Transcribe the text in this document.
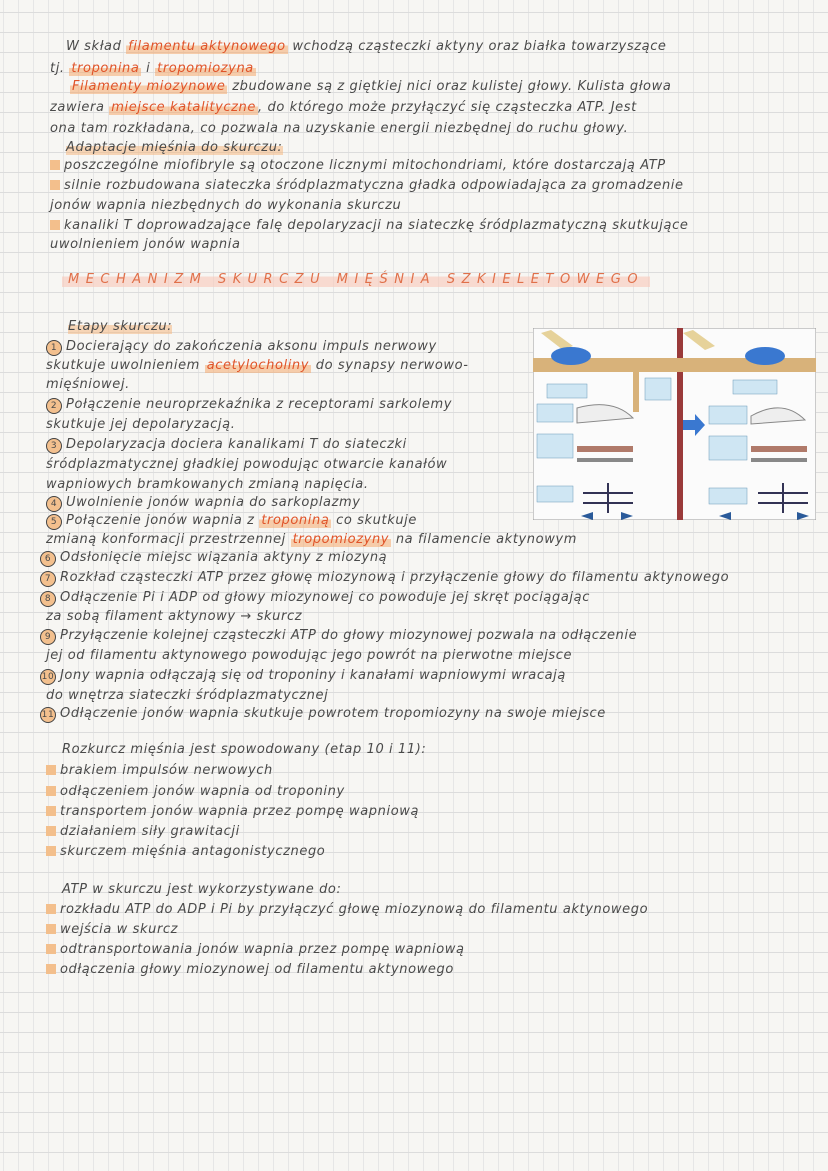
W skład filamentu aktynowego wchodzą cząsteczki aktyny oraz białka towarzyszące
tj. troponina i tropomiozyna
Filamenty miozynowe zbudowane są z giętkiej nici oraz kulistej głowy. Kulista głowa
zawiera miejsce katalityczne , do którego może przyłączyć się cząsteczka ATP. Jest
ona tam rozkładana, co pozwala na uzyskanie energii niezbędnej do ruchu głowy.
Adaptacje mięśnia do skurczu:
poszczególne miofibryle są otoczone licznymi mitochondriami, które dostarczają ATP
silnie rozbudowana siateczka śródplazmatyczna gładka odpowiadająca za gromadzenie
jonów wapnia niezbędnych do wykonania skurczu
kanaliki T doprowadzające falę depolaryzacji na siateczkę śródplazmatyczną skutkujące
uwolnieniem jonów wapnia
Etapy skurczu:
1 Docierający do zakończenia aksonu impuls nerwowy
skutkuje uwolnieniem acetylocholiny do synapsy nerwowo-
mięśniowej.
2 Połączenie neuroprzekaźnika z receptorami sarkolemy
skutkuje jej depolaryzacją.
3 Depolaryzacja dociera kanalikami T do siateczki
śródplazmatycznej gładkiej powodując otwarcie kanałów
wapniowych bramkowanych zmianą napięcia.
4 Uwolnienie jonów wapnia do sarkoplazmy
5 Połączenie jonów wapnia z troponiną co skutkuje
zmianą konformacji przestrzennej tropomiozyny na filamencie aktynowym
6 Odsłonięcie miejsc wiązania aktyny z miozyną
7 Rozkład cząsteczki ATP przez głowę miozynową i przyłączenie głowy do filamentu aktynowego
8 Odłączenie Pi i ADP od głowy miozynowej co powoduje jej skręt pociągając
za sobą filament aktynowy → skurcz
9 Przyłączenie kolejnej cząsteczki ATP do głowy miozynowej pozwala na odłączenie
jej od filamentu aktynowego powodując jego powrót na pierwotne miejsce
10 Jony wapnia odłączają się od troponiny i kanałami wapniowymi wracają
do wnętrza siateczki śródplazmatycznej
11 Odłączenie jonów wapnia skutkuje powrotem tropomiozyny na swoje miejsce
Rozkurcz mięśnia jest spowodowany (etap 10 i 11):
brakiem impulsów nerwowych
odłączeniem jonów wapnia od troponiny
transportem jonów wapnia przez pompę wapniową
działaniem siły grawitacji
skurczem mięśnia antagonistycznego
ATP w skurczu jest wykorzystywane do:
rozkładu ATP do ADP i Pi by przyłączyć głowę miozynową do filamentu aktynowego
wejścia w skurcz
odtransportowania jonów wapnia przez pompę wapniową
odłączenia głowy miozynowej od filamentu aktynowego
MECHANIZM SKURCZU MIĘŚNIA SZKIELETOWEGO
